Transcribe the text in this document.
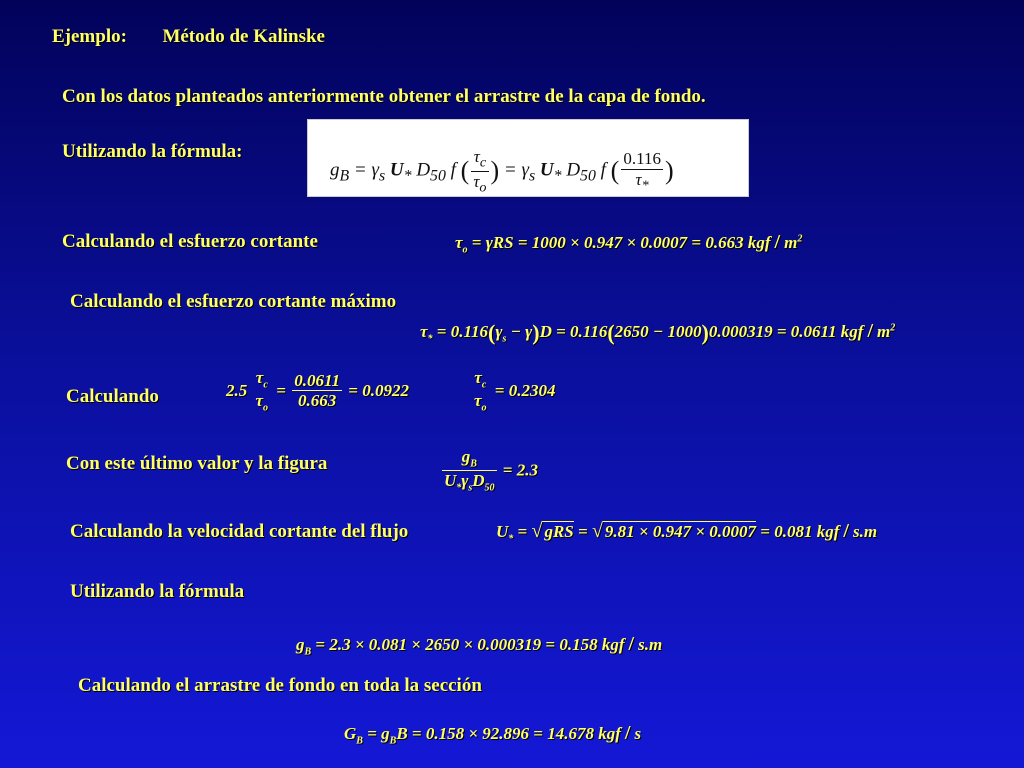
Ejemplo: Método de Kalinske
Con los datos planteados anteriormente obtener el arrastre de la capa de fondo.
Utilizando la fórmula:
$g_B = \gamma_s$ $U_*$ $D_{50}$ f ( $\frac{\tau_c}{\tau_o}$ ) = $\gamma_s$ $U_*$ $D_{50}$ f ( $\frac{0.116}{\tau_*}$ )
Calculando el esfuerzo cortante	$\tau_o = \gamma RS = 1000 \times 0.947 \times 0.0007 = 0.663$ kgf / $m^2$
Calculando el esfuerzo cortante máximo
$\tau_* = 0.116(\gamma_s - \gamma)D = 0.116(2650 - 1000)0.000319 = 0.0611$ kgf / $m^2$
Calculando	2.5
$\tau_c$
$\tau_o$
= $\frac{0.0611}{0.663} = 0.0922$
$\tau_c$
$\tau_o$
= 0.2304
Con este último valor y la figura	$\frac{g_B}{U_*\gamma_sD_{50}} = 2.3$
Calculando la velocidad cortante del flujo	$U_*$ = √ gRS = √ 9.81 × 0.947 × 0.0007 = 0.081 kgf / s.m
Utilizando la fórmula
$g_B = 2.3 \times 0.081 \times 2650 \times 0.000319 = 0.158$ kgf / s.m
Calculando el arrastre de fondo en toda la sección
$G_B = g_BB = 0.158 \times 92.896 = 14.678$ kgf / s
